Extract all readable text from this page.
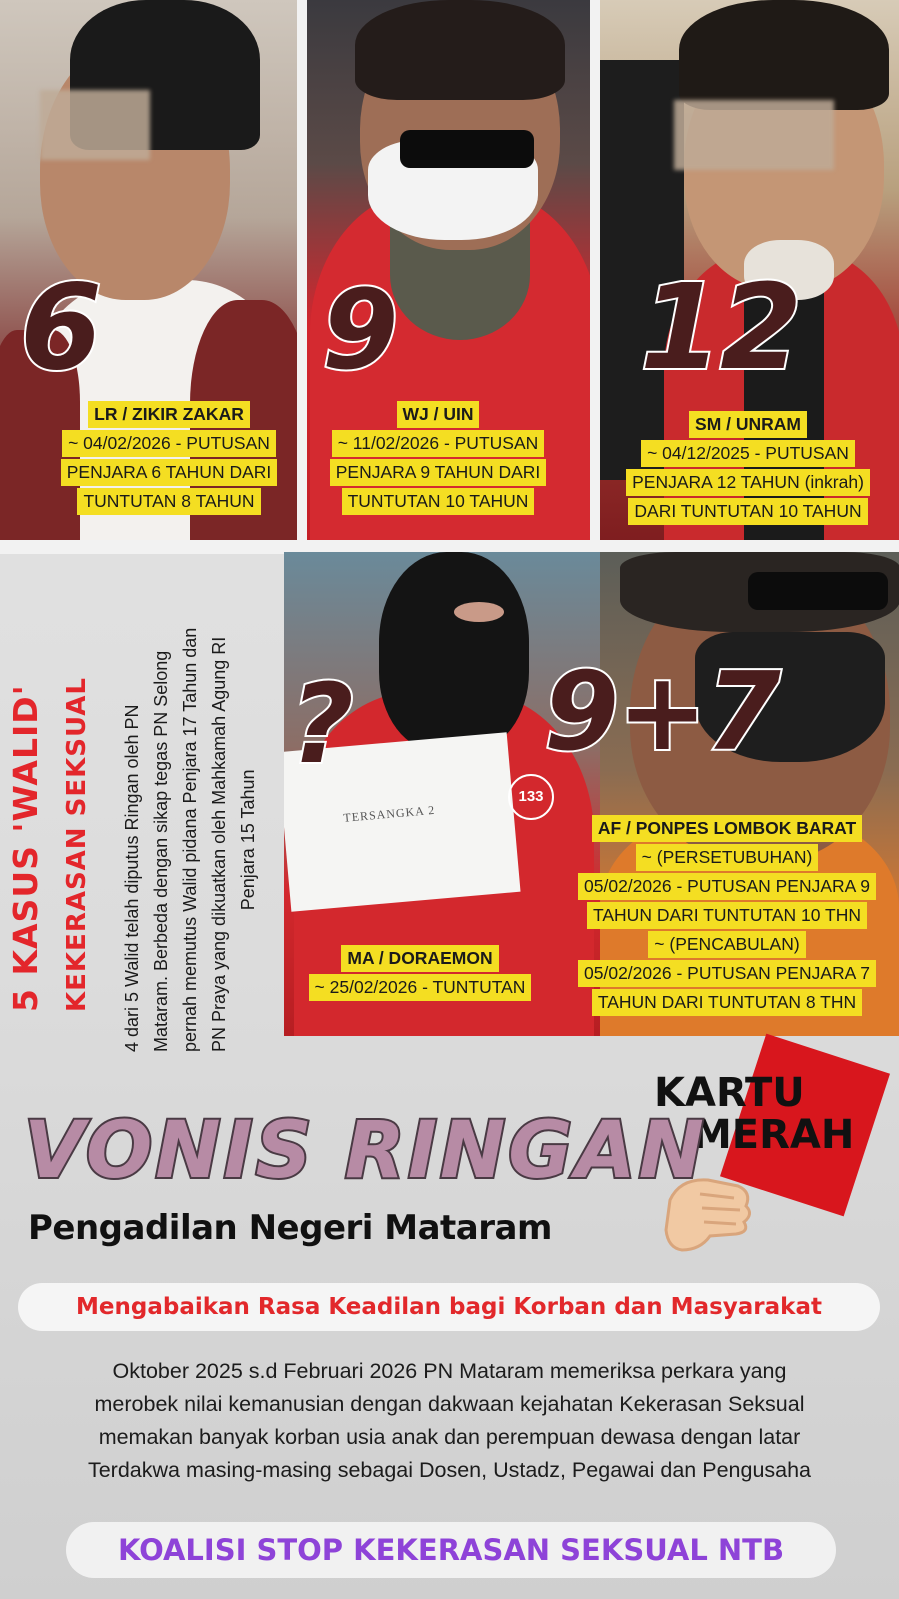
TERSANGKA 2
133
6 9 12
? 9+7
LR / ZIKIR ZAKAR
~ 04/02/2026 - PUTUSAN
PENJARA 6 TAHUN DARI
TUNTUTAN 8 TAHUN
WJ / UIN
~ 11/02/2026 - PUTUSAN
PENJARA 9 TAHUN DARI
TUNTUTAN 10 TAHUN
SM / UNRAM
~ 04/12/2025 - PUTUSAN
PENJARA 12 TAHUN (inkrah)
DARI TUNTUTAN 10 TAHUN
MA / DORAEMON
~ 25/02/2026 - TUNTUTAN
AF / PONPES LOMBOK BARAT
~ (PERSETUBUHAN)
05/02/2026 - PUTUSAN PENJARA 9
TAHUN DARI TUNTUTAN 10 THN
~ (PENCABULAN)
05/02/2026 - PUTUSAN PENJARA 7
TAHUN DARI TUNTUTAN 8 THN
5 KASUS 'WALID' KEKERASAN SEKSUAL 4 dari 5 Walid telah diputus Ringan oleh PN Mataram. Berbeda dengan sikap tegas PN Selong pernah memutus Walid pidana Penjara 17 Tahun dan PN Praya yang dikuatkan oleh Mahkamah Agung RI Penjara 15 Tahun
KARTU
MERAH
VONIS RINGAN
Pengadilan Negeri Mataram
Mengabaikan Rasa Keadilan bagi Korban dan Masyarakat
Oktober 2025 s.d Februari 2026 PN Mataram memeriksa perkara yang
merobek nilai kemanusian dengan dakwaan kejahatan Kekerasan Seksual
memakan banyak korban usia anak dan perempuan dewasa dengan latar
Terdakwa masing-masing sebagai Dosen, Ustadz, Pegawai dan Pengusaha
KOALISI STOP KEKERASAN SEKSUAL NTB
